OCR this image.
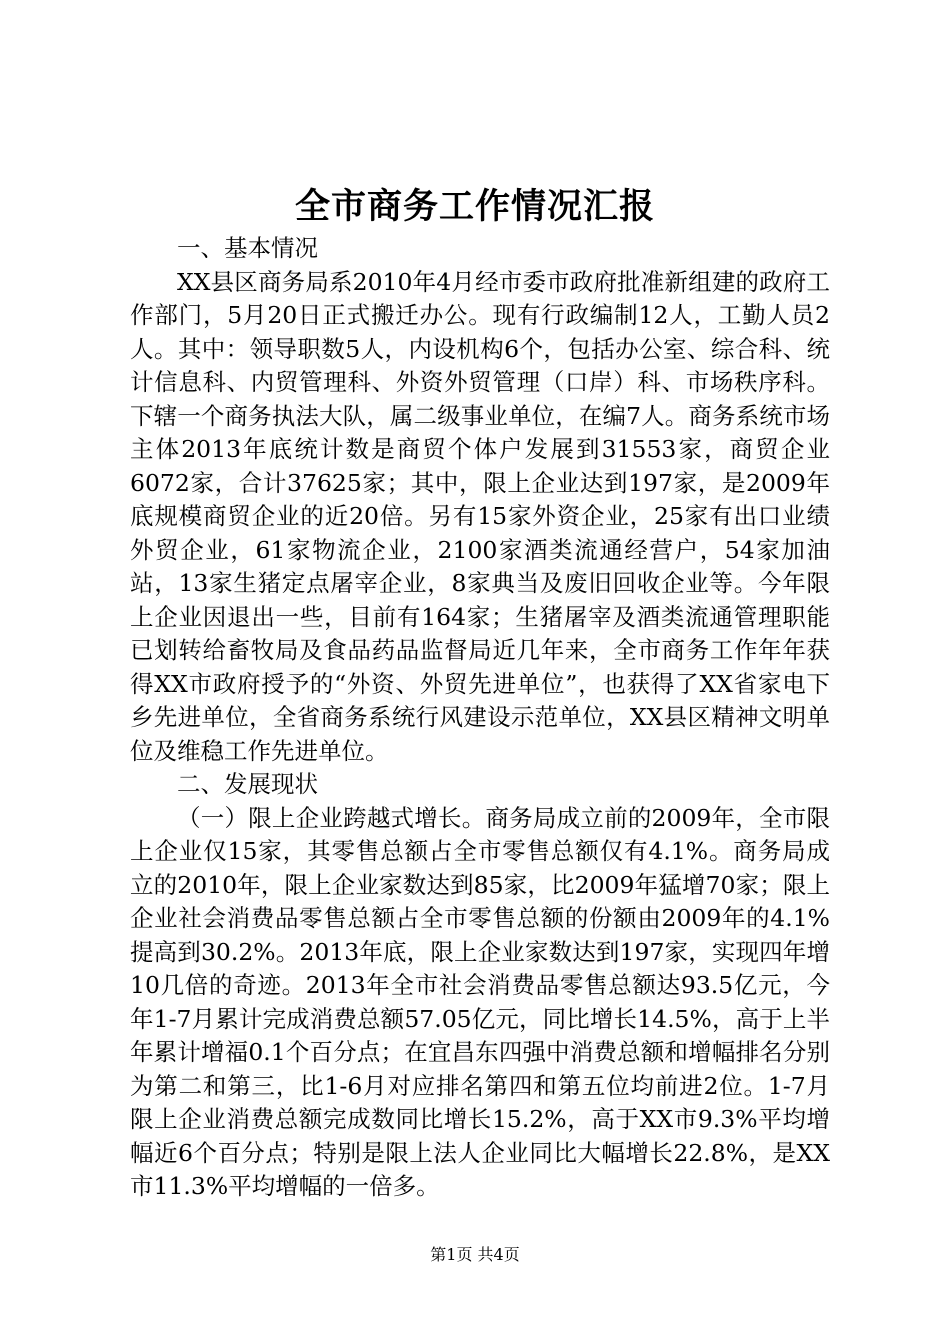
全市商务工作情况汇报

一、基本情况

XX县区商务局系2010年4月经市委市政府批准新组建的政府工作部门，5月20日正式搬迁办公。现有行政编制12人，工勤人员2人。其中：领导职数5人，内设机构6个，包括办公室、综合科、统计信息科、内贸管理科、外资外贸管理（口岸）科、市场秩序科。下辖一个商务执法大队，属二级事业单位，在编7人。商务系统市场主体2013年底统计数是商贸个体户发展到31553家，商贸企业6072家，合计37625家；其中，限上企业达到197家，是2009年底规模商贸企业的近20倍。另有15家外资企业，25家有出口业绩外贸企业，61家物流企业，2100家酒类流通经营户，54家加油站，13家生猪定点屠宰企业，8家典当及废旧回收企业等。今年限上企业因退出一些，目前有164家；生猪屠宰及酒类流通管理职能已划转给畜牧局及食品药品监督局近几年来，全市商务工作年年获得XX市政府授予的“外资、外贸先进单位”，也获得了XX省家电下乡先进单位，全省商务系统行风建设示范单位，XX县区精神文明单位及维稳工作先进单位。

二、发展现状

（一）限上企业跨越式增长。商务局成立前的2009年，全市限上企业仅15家，其零售总额占全市零售总额仅有4.1%。商务局成立的2010年，限上企业家数达到85家，比2009年猛增70家；限上企业社会消费品零售总额占全市零售总额的份额由2009年的4.1%提高到30.2%。2013年底，限上企业家数达到197家，实现四年增10几倍的奇迹。2013年全市社会消费品零售总额达93.5亿元，今年1-7月累计完成消费总额57.05亿元，同比增长14.5%，高于上半年累计增福0.1个百分点；在宜昌东四强中消费总额和增幅排名分别为第二和第三，比1-6月对应排名第四和第五位均前进2位。1-7月限上企业消费总额完成数同比增长15.2%，高于XX市9.3%平均增幅近6个百分点；特别是限上法人企业同比大幅增长22.8%，是XX市11.3%平均增幅的一倍多。

第1页 共4页
